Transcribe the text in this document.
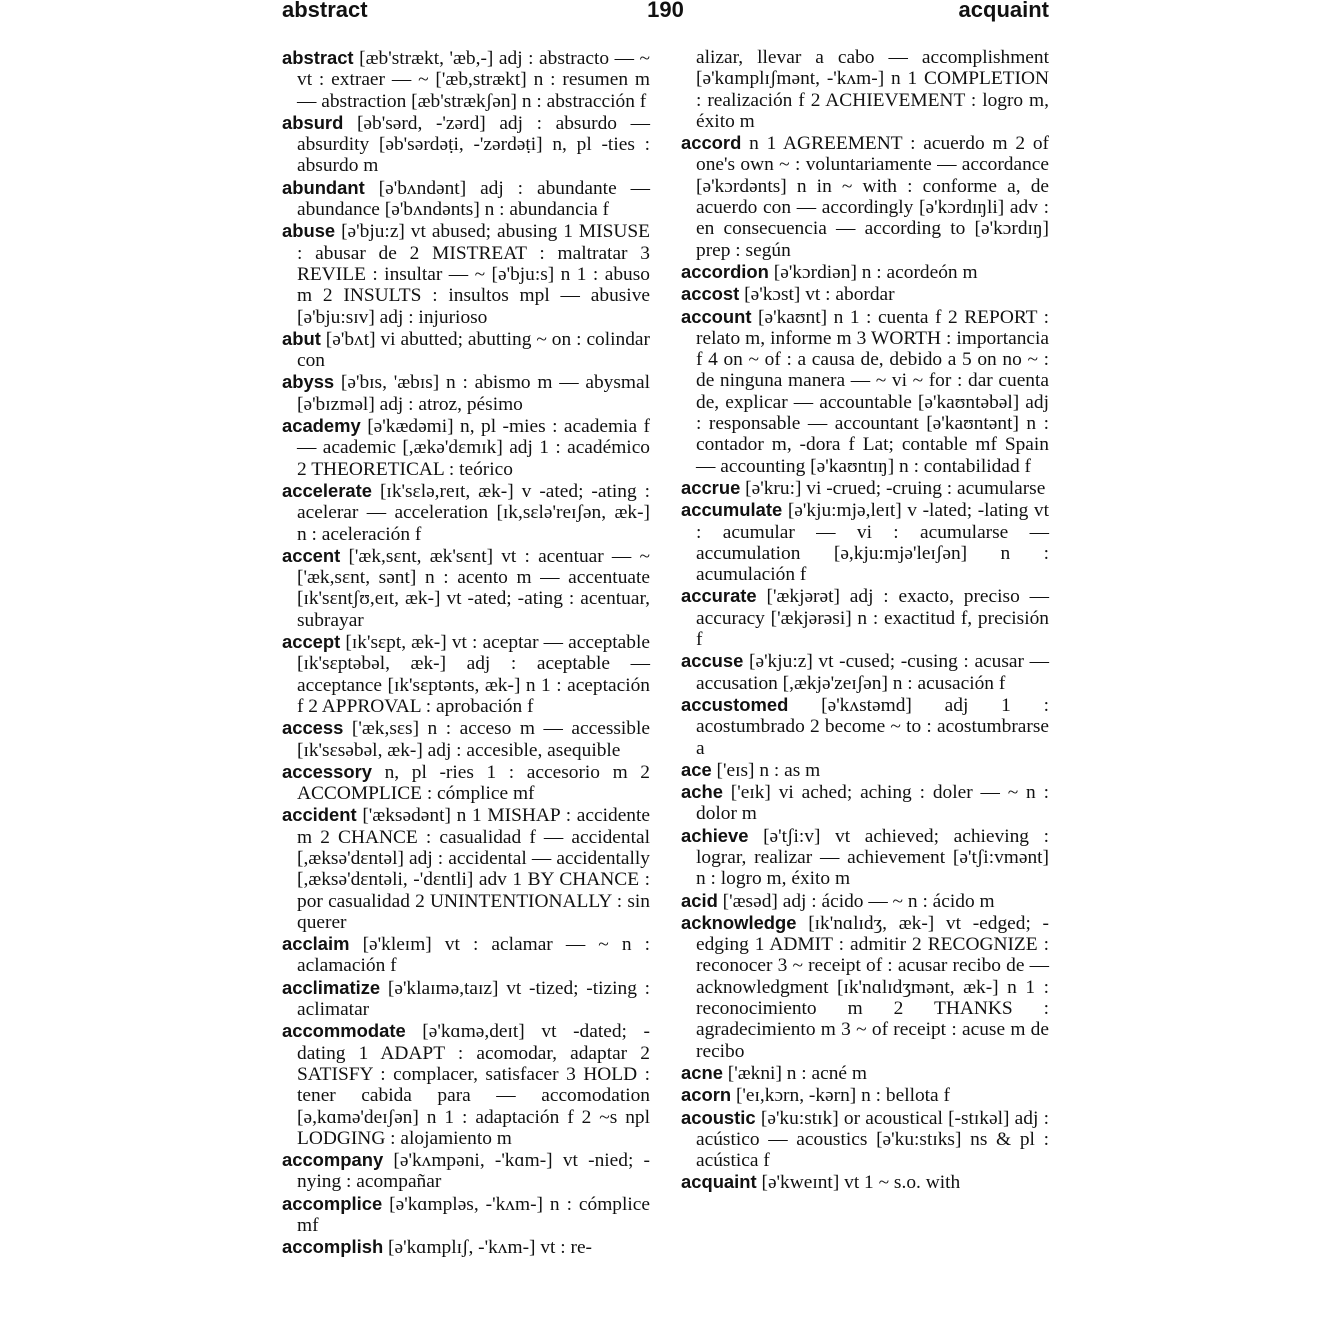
abstract	190	acquaint

abstract [æb'strækt, 'æb,-] adj : abstracto — ~ vt : extraer — ~ ['æb,strækt] n : resumen m — abstraction [æb'strækʃən] n : abstracción f

absurd [əb'sərd, -'zərd] adj : absurdo — absurdity [əb'sərdəṭi, -'zərdəṭi] n, pl -ties : absurdo m

abundant [ə'bʌndənt] adj : abundante — abundance [ə'bʌndənts] n : abundancia f

abuse [ə'bju:z] vt abused; abusing 1 MISUSE : abusar de 2 MISTREAT : maltratar 3 REVILE : insultar — ~ [ə'bju:s] n 1 : abuso m 2 INSULTS : insultos mpl — abusive [ə'bju:sɪv] adj : injurioso

abut [ə'bʌt] vi abutted; abutting ~ on : colindar con

abyss [ə'bɪs, 'æbɪs] n : abismo m — abysmal [ə'bɪzməl] adj : atroz, pésimo

academy [ə'kædəmi] n, pl -mies : academia f — academic [,ækə'dɛmɪk] adj 1 : académico 2 THEORETICAL : teórico

accelerate [ɪk'sɛlə,reɪt, æk-] v -ated; -ating : acelerar — acceleration [ɪk,sɛlə'reɪʃən, æk-] n : aceleración f

accent ['æk,sɛnt, æk'sɛnt] vt : acentuar — ~ ['æk,sɛnt, sənt] n : acento m — accentuate [ɪk'sɛntʃʊ,eɪt, æk-] vt -ated; -ating : acentuar, subrayar

accept [ɪk'sɛpt, æk-] vt : aceptar — acceptable [ɪk'sɛptəbəl, æk-] adj : aceptable — acceptance [ɪk'sɛptənts, æk-] n 1 : aceptación f 2 APPROVAL : aprobación f

access ['æk,sɛs] n : acceso m — accessible [ɪk'sɛsəbəl, æk-] adj : accesible, asequible

accessory n, pl -ries 1 : accesorio m 2 ACCOMPLICE : cómplice mf

accident ['æksədənt] n 1 MISHAP : accidente m 2 CHANCE : casualidad f — accidental [,æksə'dɛntəl] adj : accidental — accidentally [,æksə'dɛntəli, -'dɛntli] adv 1 BY CHANCE : por casualidad 2 UNINTENTIONALLY : sin querer

acclaim [ə'kleɪm] vt : aclamar — ~ n : aclamación f

acclimatize [ə'klaɪmə,taɪz] vt -tized; -tizing : aclimatar

accommodate [ə'kɑmə,deɪt] vt -dated; -dating 1 ADAPT : acomodar, adaptar 2 SATISFY : complacer, satisfacer 3 HOLD : tener cabida para — accomodation [ə,kɑmə'deɪʃən] n 1 : adaptación f 2 ~s npl LODGING : alojamiento m

accompany [ə'kʌmpəni, -'kɑm-] vt -nied; -nying : acompañar

accomplice [ə'kɑmpləs, -'kʌm-] n : cómplice mf

accomplish [ə'kɑmplɪʃ, -'kʌm-] vt : re-

alizar, llevar a cabo — accomplishment [ə'kɑmplɪʃmənt, -'kʌm-] n 1 COMPLETION : realización f 2 ACHIEVEMENT : logro m, éxito m

accord n 1 AGREEMENT : acuerdo m 2 of one's own ~ : voluntariamente — accordance [ə'kɔrdənts] n in ~ with : conforme a, de acuerdo con — accordingly [ə'kɔrdɪŋli] adv : en consecuencia — according to [ə'kɔrdɪŋ] prep : según

accordion [ə'kɔrdiən] n : acordeón m

accost [ə'kɔst] vt : abordar

account [ə'kaʊnt] n 1 : cuenta f 2 REPORT : relato m, informe m 3 WORTH : importancia f 4 on ~ of : a causa de, debido a 5 on no ~ : de ninguna manera — ~ vi ~ for : dar cuenta de, explicar — accountable [ə'kaʊntəbəl] adj : responsable — accountant [ə'kaʊntənt] n : contador m, -dora f Lat; contable mf Spain — accounting [ə'kaʊntɪŋ] n : contabilidad f

accrue [ə'kru:] vi -crued; -cruing : acumularse

accumulate [ə'kju:mjə,leɪt] v -lated; -lating vt : acumular — vi : acumularse — accumulation [ə,kju:mjə'leɪʃən] n : acumulación f

accurate ['ækjərət] adj : exacto, preciso — accuracy ['ækjərəsi] n : exactitud f, precisión f

accuse [ə'kju:z] vt -cused; -cusing : acusar — accusation [,ækjə'zeɪʃən] n : acusación f

accustomed [ə'kʌstəmd] adj 1 : acostumbrado 2 become ~ to : acostumbrarse a

ace ['eɪs] n : as m

ache ['eɪk] vi ached; aching : doler — ~ n : dolor m

achieve [ə'tʃi:v] vt achieved; achieving : lograr, realizar — achievement [ə'tʃi:vmənt] n : logro m, éxito m

acid ['æsəd] adj : ácido — ~ n : ácido m

acknowledge [ɪk'nɑlɪdʒ, æk-] vt -edged; -edging 1 ADMIT : admitir 2 RECOGNIZE : reconocer 3 ~ receipt of : acusar recibo de — acknowledgment [ɪk'nɑlɪdʒmənt, æk-] n 1 : reconocimiento m 2 THANKS : agradecimiento m 3 ~ of receipt : acuse m de recibo

acne ['ækni] n : acné m

acorn ['eɪ,kɔrn, -kərn] n : bellota f

acoustic [ə'ku:stɪk] or acoustical [-stɪkəl] adj : acústico — acoustics [ə'ku:stɪks] ns & pl : acústica f

acquaint [ə'kweɪnt] vt 1 ~ s.o. with
